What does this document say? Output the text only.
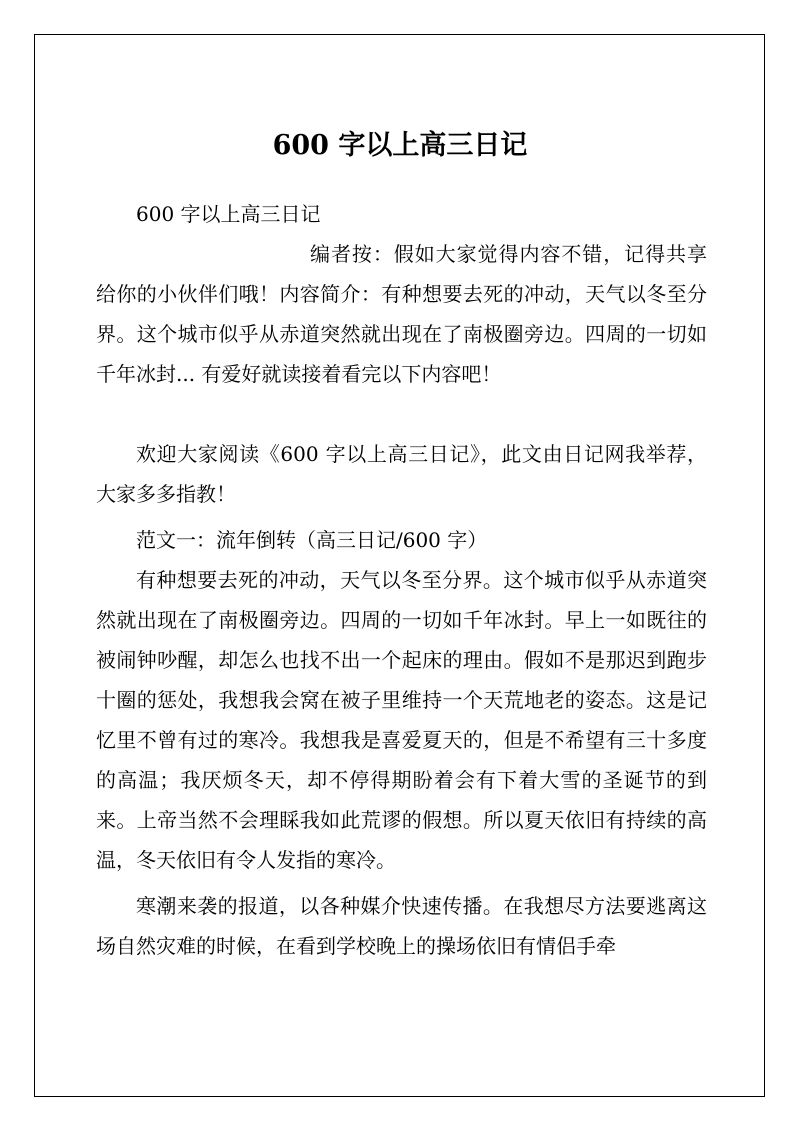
600 字以上高三日记

600 字以上高三日记

编者按：假如大家觉得内容不错，记得共享给你的小伙伴们哦！内容简介：有种想要去死的冲动，天气以冬至分界。这个城市似乎从赤道突然就出现在了南极圈旁边。四周的一切如千年冰封... 有爱好就读接着看完以下内容吧！

欢迎大家阅读《600 字以上高三日记》，此文由日记网我举荐，大家多多指教！

范文一：流年倒转（高三日记/600 字）

有种想要去死的冲动，天气以冬至分界。这个城市似乎从赤道突然就出现在了南极圈旁边。四周的一切如千年冰封。早上一如既往的被闹钟吵醒，却怎么也找不出一个起床的理由。假如不是那迟到跑步十圈的惩处，我想我会窝在被子里维持一个天荒地老的姿态。这是记忆里不曾有过的寒冷。我想我是喜爱夏天的，但是不希望有三十多度的高温；我厌烦冬天，却不停得期盼着会有下着大雪的圣诞节的到来。上帝当然不会理睬我如此荒谬的假想。所以夏天依旧有持续的高温，冬天依旧有令人发指的寒冷。

寒潮来袭的报道，以各种媒介快速传播。在我想尽方法要逃离这场自然灾难的时候，在看到学校晚上的操场依旧有情侣手牵
